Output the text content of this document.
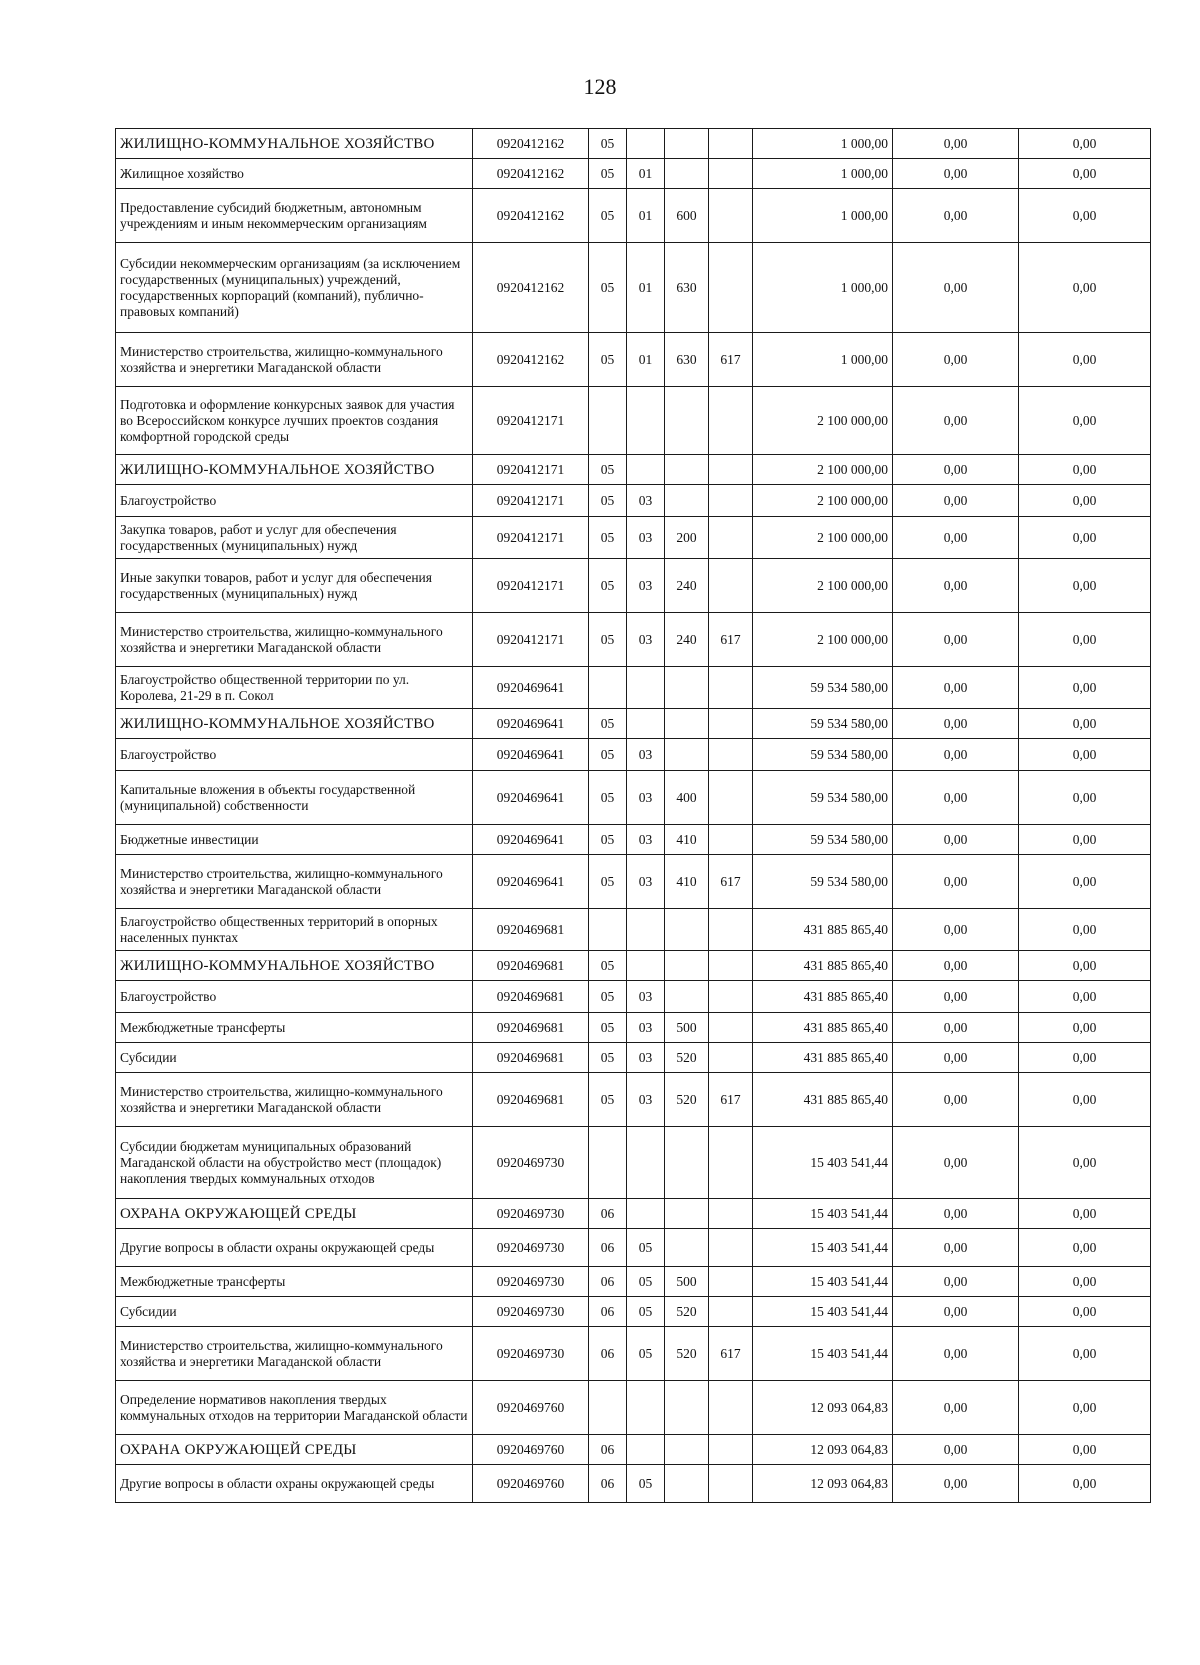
128
ЖИЛИЩНО-КОММУНАЛЬНОЕ ХОЗЯЙСТВО	0920412162	05				1 000,00	0,00	0,00
Жилищное хозяйство	0920412162	05	01			1 000,00	0,00	0,00
Предоставление субсидий бюджетным, автономным учреждениям и иным некоммерческим организациям	0920412162	05	01	600		1 000,00	0,00	0,00
Субсидии некоммерческим организациям (за исключением государственных (муниципальных) учреждений, государственных корпораций (компаний), публично-правовых компаний)	0920412162	05	01	630		1 000,00	0,00	0,00
Министерство строительства, жилищно-коммунального хозяйства и энергетики Магаданской области	0920412162	05	01	630	617	1 000,00	0,00	0,00
Подготовка и оформление конкурсных заявок для участия во Всероссийском конкурсе лучших проектов создания комфортной городской среды	0920412171					2 100 000,00	0,00	0,00
ЖИЛИЩНО-КОММУНАЛЬНОЕ ХОЗЯЙСТВО	0920412171	05				2 100 000,00	0,00	0,00
Благоустройство	0920412171	05	03			2 100 000,00	0,00	0,00
Закупка товаров, работ и услуг для обеспечения государственных (муниципальных) нужд	0920412171	05	03	200		2 100 000,00	0,00	0,00
Иные закупки товаров, работ и услуг для обеспечения государственных (муниципальных) нужд	0920412171	05	03	240		2 100 000,00	0,00	0,00
Министерство строительства, жилищно-коммунального хозяйства и энергетики Магаданской области	0920412171	05	03	240	617	2 100 000,00	0,00	0,00
Благоустройство общественной территории по ул. Королева, 21-29 в п. Сокол	0920469641					59 534 580,00	0,00	0,00
ЖИЛИЩНО-КОММУНАЛЬНОЕ ХОЗЯЙСТВО	0920469641	05				59 534 580,00	0,00	0,00
Благоустройство	0920469641	05	03			59 534 580,00	0,00	0,00
Капитальные вложения в объекты государственной (муниципальной) собственности	0920469641	05	03	400		59 534 580,00	0,00	0,00
Бюджетные инвестиции	0920469641	05	03	410		59 534 580,00	0,00	0,00
Министерство строительства, жилищно-коммунального хозяйства и энергетики Магаданской области	0920469641	05	03	410	617	59 534 580,00	0,00	0,00
Благоустройство общественных территорий в опорных населенных пунктах	0920469681					431 885 865,40	0,00	0,00
ЖИЛИЩНО-КОММУНАЛЬНОЕ ХОЗЯЙСТВО	0920469681	05				431 885 865,40	0,00	0,00
Благоустройство	0920469681	05	03			431 885 865,40	0,00	0,00
Межбюджетные трансферты	0920469681	05	03	500		431 885 865,40	0,00	0,00
Субсидии	0920469681	05	03	520		431 885 865,40	0,00	0,00
Министерство строительства, жилищно-коммунального хозяйства и энергетики Магаданской области	0920469681	05	03	520	617	431 885 865,40	0,00	0,00
Субсидии бюджетам муниципальных образований Магаданской области на обустройство мест (площадок) накопления твердых коммунальных отходов	0920469730					15 403 541,44	0,00	0,00
ОХРАНА ОКРУЖАЮЩЕЙ СРЕДЫ	0920469730	06				15 403 541,44	0,00	0,00
Другие вопросы в области охраны окружающей среды	0920469730	06	05			15 403 541,44	0,00	0,00
Межбюджетные трансферты	0920469730	06	05	500		15 403 541,44	0,00	0,00
Субсидии	0920469730	06	05	520		15 403 541,44	0,00	0,00
Министерство строительства, жилищно-коммунального хозяйства и энергетики Магаданской области	0920469730	06	05	520	617	15 403 541,44	0,00	0,00
Определение нормативов накопления твердых коммунальных отходов на территории Магаданской области	0920469760					12 093 064,83	0,00	0,00
ОХРАНА ОКРУЖАЮЩЕЙ СРЕДЫ	0920469760	06				12 093 064,83	0,00	0,00
Другие вопросы в области охраны окружающей среды	0920469760	06	05			12 093 064,83	0,00	0,00
